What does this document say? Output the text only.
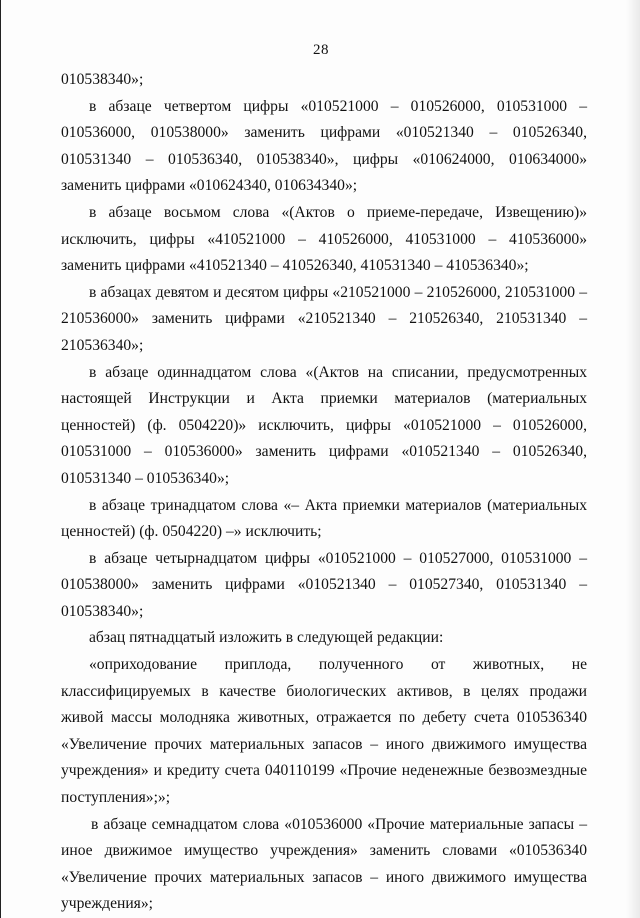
28

010538340»;

в абзаце четвертом цифры «010521000 – 010526000, 010531000 – 010536000, 010538000» заменить цифрами «010521340 – 010526340, 010531340 – 010536340, 010538340», цифры «010624000, 010634000» заменить цифрами «010624340, 010634340»;

в абзаце восьмом слова «(Актов о приеме-передаче, Извещению)» исключить, цифры «410521000 – 410526000, 410531000 – 410536000» заменить цифрами «410521340 – 410526340, 410531340 – 410536340»;

в абзацах девятом и десятом цифры «210521000 – 210526000, 210531000 – 210536000» заменить цифрами «210521340 – 210526340, 210531340 – 210536340»;

в абзаце одиннадцатом слова «(Актов на списании, предусмотренных настоящей Инструкции и Акта приемки материалов (материальных ценностей) (ф. 0504220)» исключить, цифры «010521000 – 010526000, 010531000 – 010536000» заменить цифрами «010521340 – 010526340, 010531340 – 010536340»;

в абзаце тринадцатом слова «– Акта приемки материалов (материальных ценностей) (ф. 0504220) –» исключить;

в абзаце четырнадцатом цифры «010521000 – 010527000, 010531000 – 010538000» заменить цифрами «010521340 – 010527340, 010531340 – 010538340»;

абзац пятнадцатый изложить в следующей редакции:

«оприходование приплода, полученного от животных, не классифицируемых в качестве биологических активов, в целях продажи живой массы молодняка животных, отражается по дебету счета 010536340 «Увеличение прочих материальных запасов – иного движимого имущества учреждения» и кредиту счета 040110199 «Прочие неденежные безвозмездные поступления»;»;

в абзаце семнадцатом слова «010536000 «Прочие материальные запасы – иное движимое имущество учреждения» заменить словами «010536340 «Увеличение прочих материальных запасов – иного движимого имущества учреждения»;
